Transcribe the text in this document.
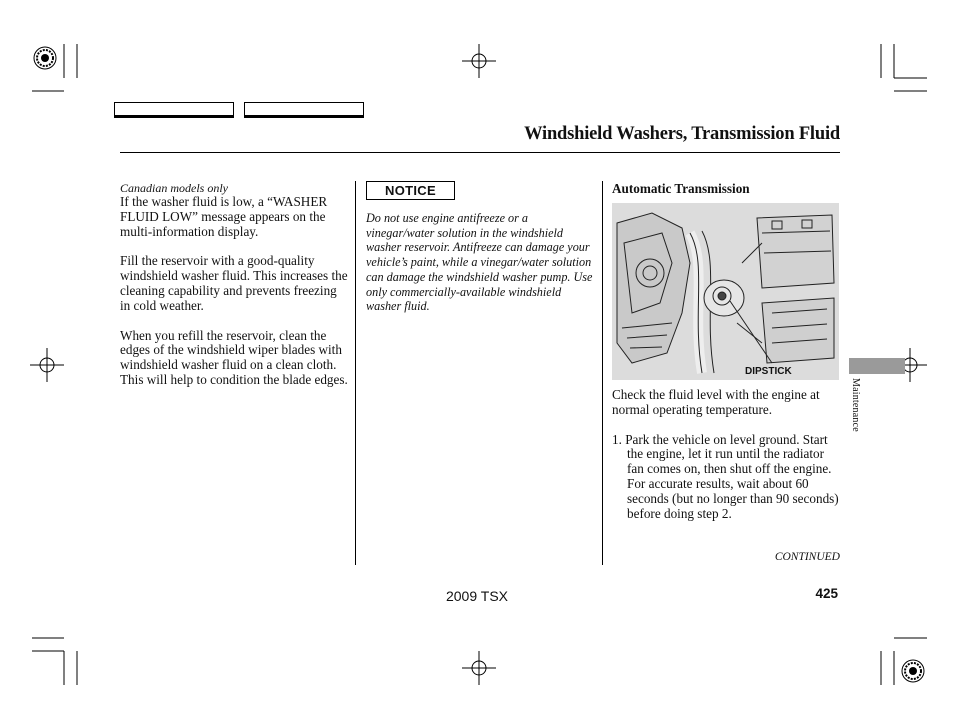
Windshield Washers, Transmission Fluid
Canadian models only

If the washer fluid is low, a “WASHER FLUID LOW” message appears on the multi-information display.

Fill the reservoir with a good-quality windshield washer fluid. This increases the cleaning capability and prevents freezing in cold weather.

When you refill the reservoir, clean the edges of the windshield wiper blades with windshield washer fluid on a clean cloth. This will help to condition the blade edges.

NOTICE
Do not use engine antifreeze or a vinegar/water solution in the windshield washer reservoir. Antifreeze can damage your vehicle’s paint, while a vinegar/water solution can damage the windshield washer pump. Use only commercially-available windshield washer fluid.
Automatic Transmission
DIPSTICK

Check the fluid level with the engine at normal operating temperature.

1. Park the vehicle on level ground. Start the engine, let it run until the radiator fan comes on, then shut off the engine. For accurate results, wait about 60 seconds (but no longer than 90 seconds) before doing step 2.

CONTINUED
2009 TSX	425
Maintenance
